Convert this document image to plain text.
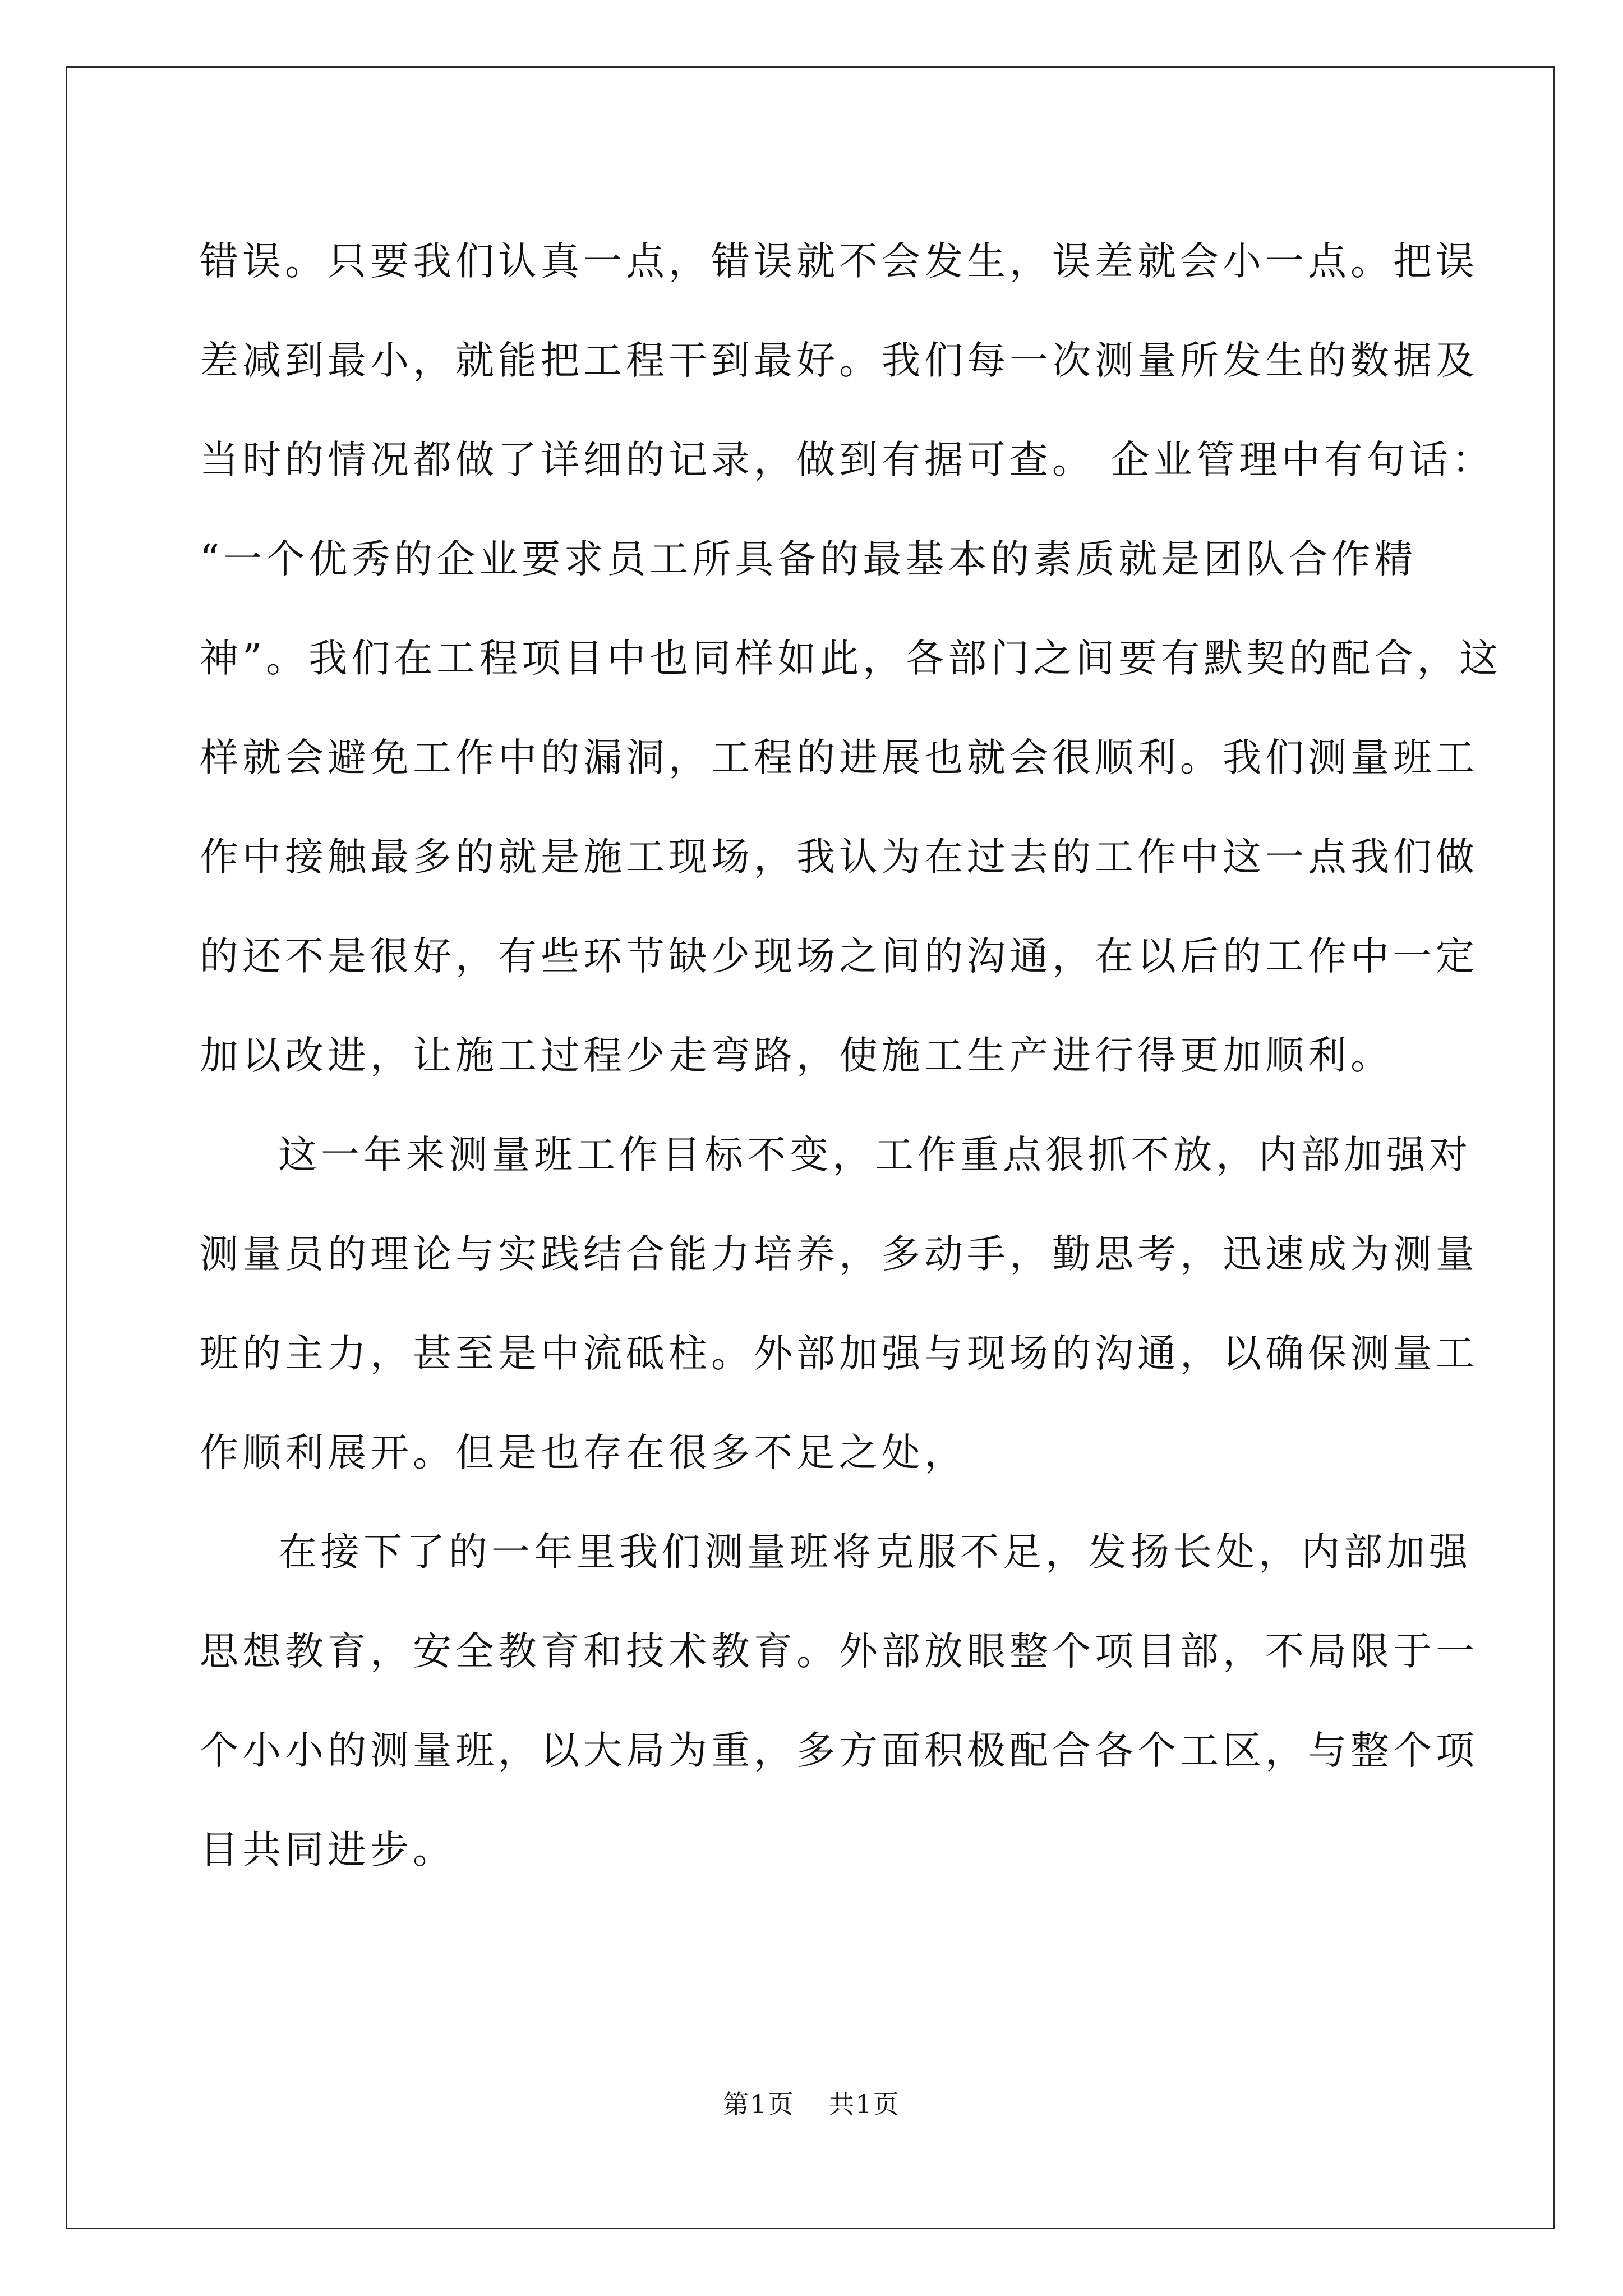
错误。只要我们认真一点，错误就不会发生，误差就会小一点。把误
差减到最小，就能把工程干到最好。我们每一次测量所发生的数据及
当时的情况都做了详细的记录，做到有据可查。 企业管理中有句话：
“一个优秀的企业要求员工所具备的最基本的素质就是团队合作精
神”。我们在工程项目中也同样如此，各部门之间要有默契的配合，这
样就会避免工作中的漏洞，工程的进展也就会很顺利。我们测量班工
作中接触最多的就是施工现场，我认为在过去的工作中这一点我们做
的还不是很好，有些环节缺少现场之间的沟通，在以后的工作中一定
加以改进，让施工过程少走弯路，使施工生产进行得更加顺利。
这一年来测量班工作目标不变，工作重点狠抓不放，内部加强对
测量员的理论与实践结合能力培养，多动手，勤思考，迅速成为测量
班的主力，甚至是中流砥柱。外部加强与现场的沟通，以确保测量工
作顺利展开。但是也存在很多不足之处，
在接下了的一年里我们测量班将克服不足，发扬长处，内部加强
思想教育，安全教育和技术教育。外部放眼整个项目部，不局限于一
个小小的测量班，以大局为重，多方面积极配合各个工区，与整个项
目共同进步。
第1页 共1页
